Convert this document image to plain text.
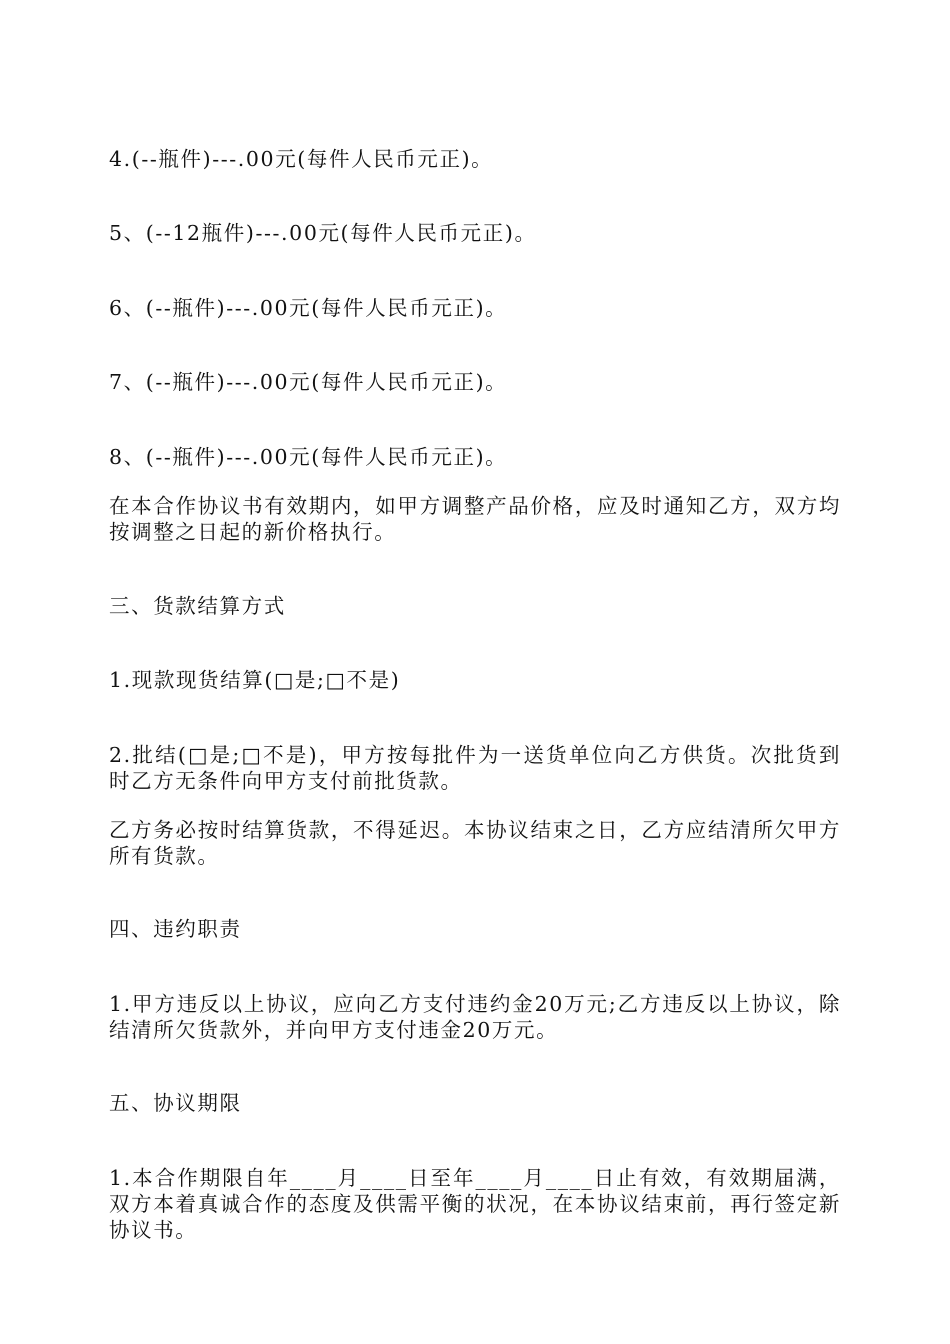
4.(--瓶件)---.00元(每件人民币元正)。

5、(--12瓶件)---.00元(每件人民币元正)。

6、(--瓶件)---.00元(每件人民币元正)。

7、(--瓶件)---.00元(每件人民币元正)。

8、(--瓶件)---.00元(每件人民币元正)。

在本合作协议书有效期内，如甲方调整产品价格，应及时通知乙方，双方均按调整之日起的新价格执行。

三、货款结算方式

1.现款现货结算(□是;□不是)

2.批结(□是;□不是)，甲方按每批件为一送货单位向乙方供货。次批货到时乙方无条件向甲方支付前批货款。

乙方务必按时结算货款，不得延迟。本协议结束之日，乙方应结清所欠甲方所有货款。

四、违约职责

1.甲方违反以上协议，应向乙方支付违约金20万元;乙方违反以上协议，除结清所欠货款外，并向甲方支付违金20万元。

五、协议期限

1.本合作期限自年____月____日至年____月____日止有效，有效期届满，双方本着真诚合作的态度及供需平衡的状况，在本协议结束前，再行签定新协议书。
